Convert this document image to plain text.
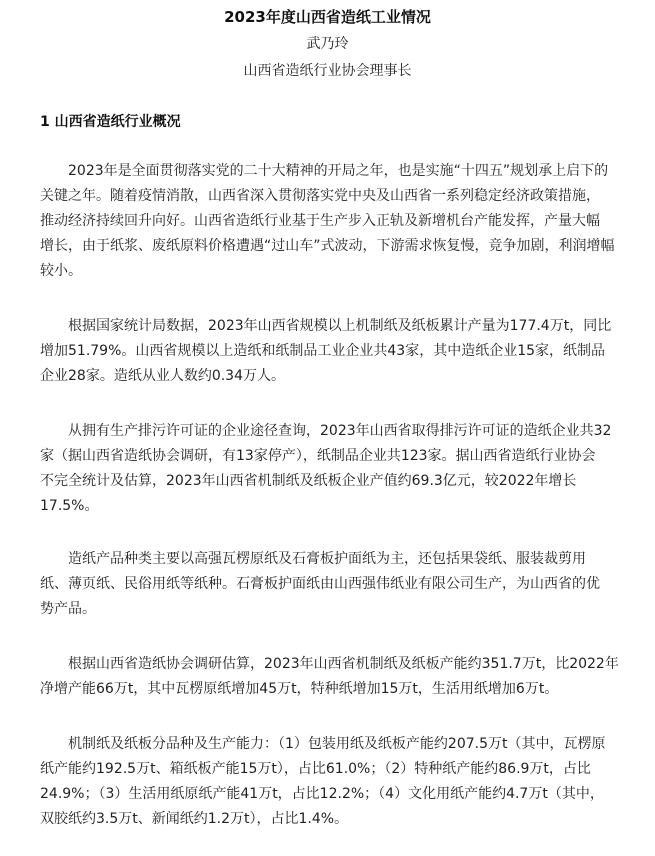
2023年度山西省造纸工业情况
武乃玲
山西省造纸行业协会理事长
1 山西省造纸行业概况
　　2023年是全面贯彻落实党的二十大精神的开局之年，也是实施“十四五”规划承上启下的
关键之年。随着疫情消散，山西省深入贯彻落实党中央及山西省一系列稳定经济政策措施，
推动经济持续回升向好。山西省造纸行业基于生产步入正轨及新增机台产能发挥，产量大幅
增长，由于纸浆、废纸原料价格遭遇“过山车”式波动，下游需求恢复慢，竞争加剧，利润增幅
较小。
　　根据国家统计局数据，2023年山西省规模以上机制纸及纸板累计产量为177.4万t，同比
增加51.79%。山西省规模以上造纸和纸制品工业企业共43家，其中造纸企业15家，纸制品
企业28家。造纸从业人数约0.34万人。
　　从拥有生产排污许可证的企业途径查询，2023年山西省取得排污许可证的造纸企业共32
家（据山西省造纸协会调研，有13家停产），纸制品企业共123家。据山西省造纸行业协会
不完全统计及估算，2023年山西省机制纸及纸板企业产值约69.3亿元，较2022年增长
17.5%。
　　造纸产品种类主要以高强瓦楞原纸及石膏板护面纸为主，还包括果袋纸、服装裁剪用
纸、薄页纸、民俗用纸等纸种。石膏板护面纸由山西强伟纸业有限公司生产，为山西省的优
势产品。
　　根据山西省造纸协会调研估算，2023年山西省机制纸及纸板产能约351.7万t，比2022年
净增产能66万t，其中瓦楞原纸增加45万t，特种纸增加15万t，生活用纸增加6万t。
　　机制纸及纸板分品种及生产能力：（1）包装用纸及纸板产能约207.5万t（其中，瓦楞原
纸产能约192.5万t、箱纸板产能15万t），占比61.0%；（2）特种纸产能约86.9万t，占比
24.9%；（3）生活用纸原纸产能41万t，占比12.2%；（4）文化用纸产能约4.7万t（其中，
双胶纸约3.5万t、新闻纸约1.2万t），占比1.4%。
